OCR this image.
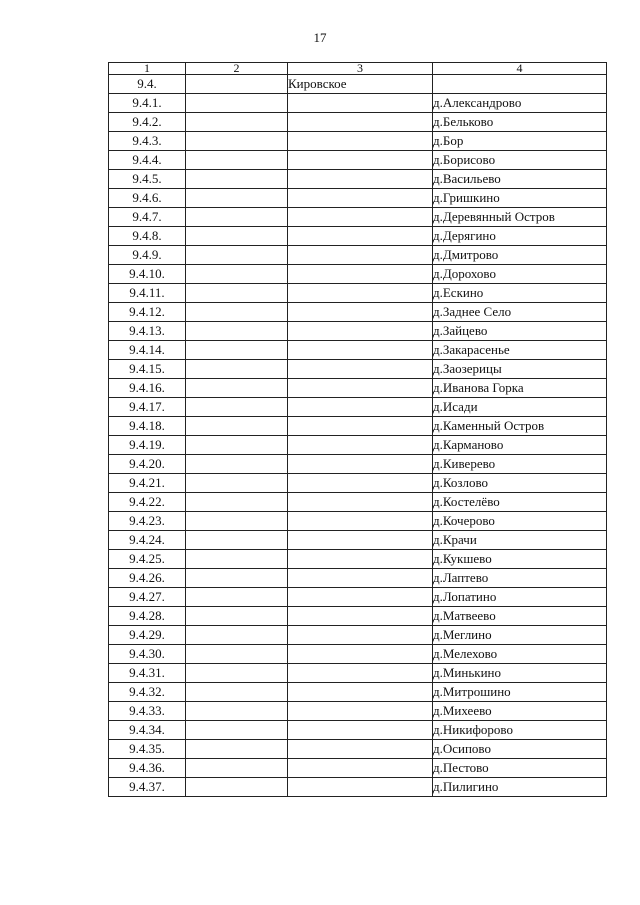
17
1	2	3	4
9.4.		Кировское	
9.4.1.			д.Александрово
9.4.2.			д.Бельково
9.4.3.			д.Бор
9.4.4.			д.Борисово
9.4.5.			д.Васильево
9.4.6.			д.Гришкино
9.4.7.			д.Деревянный Остров
9.4.8.			д.Дерягино
9.4.9.			д.Дмитрово
9.4.10.			д.Дорохово
9.4.11.			д.Ескино
9.4.12.			д.Заднее Село
9.4.13.			д.Зайцево
9.4.14.			д.Закарасенье
9.4.15.			д.Заозерицы
9.4.16.			д.Иванова Горка
9.4.17.			д.Исади
9.4.18.			д.Каменный Остров
9.4.19.			д.Карманово
9.4.20.			д.Киверево
9.4.21.			д.Козлово
9.4.22.			д.Костелёво
9.4.23.			д.Кочерово
9.4.24.			д.Крачи
9.4.25.			д.Кукшево
9.4.26.			д.Лаптево
9.4.27.			д.Лопатино
9.4.28.			д.Матвеево
9.4.29.			д.Меглино
9.4.30.			д.Мелехово
9.4.31.			д.Минькино
9.4.32.			д.Митрошино
9.4.33.			д.Михеево
9.4.34.			д.Никифорово
9.4.35.			д.Осипово
9.4.36.			д.Пестово
9.4.37.			д.Пилигино
